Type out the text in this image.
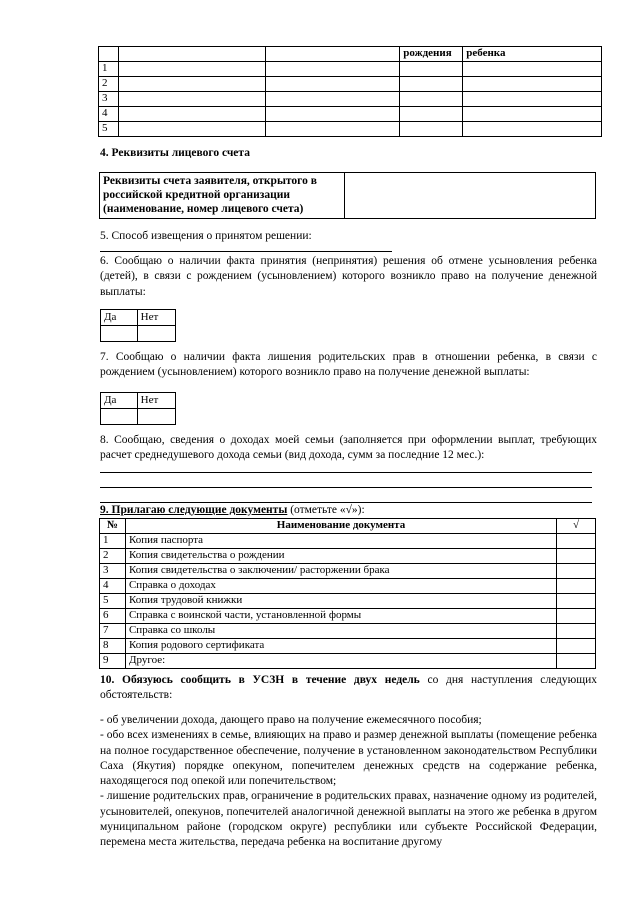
			рождения	ребенка
1				
2				
3				
4				
5				
4. Реквизиты лицевого счета
Реквизиты счета заявителя, открытого в российской кредитной организации (наименование, номер лицевого счета)	
5. Способ извещения о принятом решении:
6. Сообщаю о наличии факта принятия (непринятия) решения об отмене усыновления ребенка (детей), в связи с рождением (усыновлением) которого возникло право на получение денежной выплаты:
Да	Нет

7. Сообщаю о наличии факта лишения родительских прав в отношении ребенка, в связи с рождением (усыновлением) которого возникло право на получение денежной выплаты:
Да	Нет

8. Сообщаю, сведения о доходах моей семьи (заполняется при оформлении выплат, требующих расчет среднедушевого дохода семьи (вид дохода, сумм за последние 12 мес.):
9. Прилагаю следующие документы (отметьте «√»):
№	Наименование документа	√
1	Копия паспорта	
2	Копия свидетельства о рождении	
3	Копия свидетельства о заключении/ расторжении брака	
4	Справка о доходах	
5	Копия трудовой книжки	
6	Справка с воинской части, установленной формы	
7	Справка со школы	
8	Копия родового сертификата	
9	Другое:	
10. Обязуюсь сообщить в УСЗН в течение двух недель со дня наступления следующих обстоятельств:
- об увеличении дохода, дающего право на получение ежемесячного пособия;
- обо всех изменениях в семье, влияющих на право и размер денежной выплаты (помещение ребенка на полное государственное обеспечение, получение в установленном законодательством Республики Саха (Якутия) порядке опекуном, попечителем денежных средств на содержание ребенка, находящегося под опекой или попечительством;
- лишение родительских прав, ограничение в родительских правах, назначение одному из родителей, усыновителей, опекунов, попечителей аналогичной денежной выплаты на этого же ребенка в другом муниципальном районе (городском округе) республики или субъекте Российской Федерации, перемена места жительства, передача ребенка на воспитание другому
